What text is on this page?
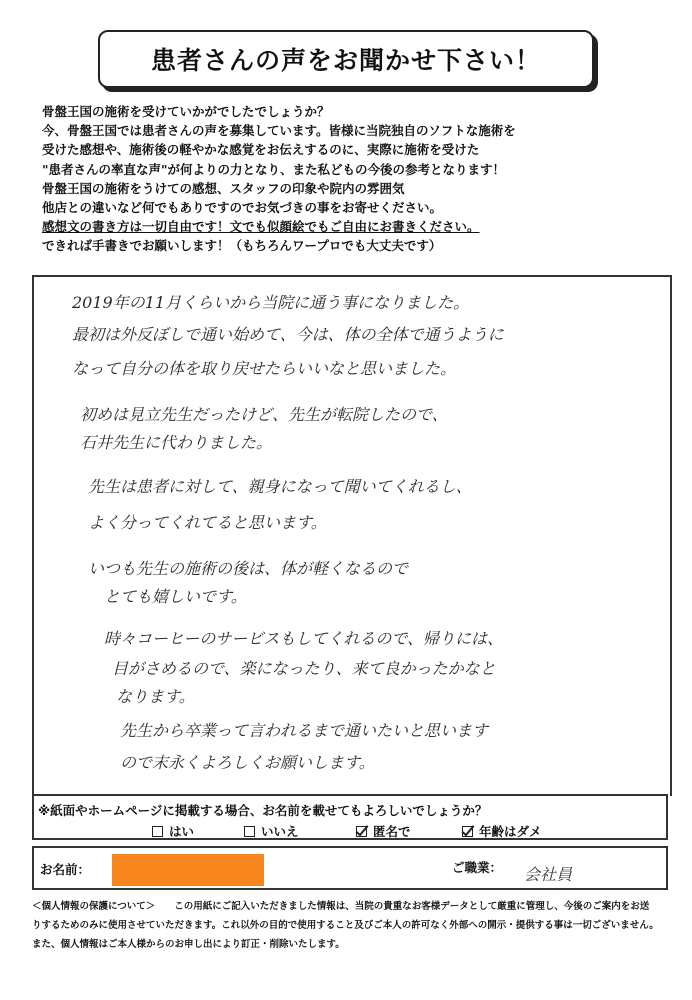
患者さんの声をお聞かせ下さい！
骨盤王国の施術を受けていかがでしたでしょうか？
今、骨盤王国では患者さんの声を募集しています。皆様に当院独自のソフトな施術を
受けた感想や、施術後の軽やかな感覚をお伝えするのに、実際に施術を受けた
"患者さんの率直な声"が何よりの力となり、また私どもの今後の参考となります！
骨盤王国の施術をうけての感想、スタッフの印象や院内の雰囲気
他店との違いなど何でもありですのでお気づきの事をお寄せください。
感想文の書き方は一切自由です！文でも似顔絵でもご自由にお書きください。
できれば手書きでお願いします！（もちろんワープロでも大丈夫です）
2019年の11月くらいから当院に通う事になりました。
最初は外反ぼしで通い始めて、今は、体の全体で通うように
なって自分の体を取り戻せたらいいなと思いました。
初めは見立先生だったけど、先生が転院したので、
石井先生に代わりました。
先生は患者に対して、親身になって聞いてくれるし、
よく分ってくれてると思います。
いつも先生の施術の後は、体が軽くなるので
とても嬉しいです。
時々コーヒーのサービスもしてくれるので、帰りには、
目がさめるので、楽になったり、来て良かったかなと
なります。
先生から卒業って言われるまで通いたいと思います
ので末永くよろしくお願いします。
※紙面やホームページに掲載する場合、お名前を載せてもよろしいでしょうか？
はい	いいえ	匿名で	年齢はダメ
お名前：	ご職業： 会社員
＜個人情報の保護について＞　　この用紙にご記入いただきました情報は、当院の貴重なお客様データとして厳重に管理し、今後のご案内をお送
りするためのみに使用させていただきます。これ以外の目的で使用すること及びご本人の許可なく外部への開示・提供する事は一切ございません。
また、個人情報はご本人様からのお申し出により訂正・削除いたします。
